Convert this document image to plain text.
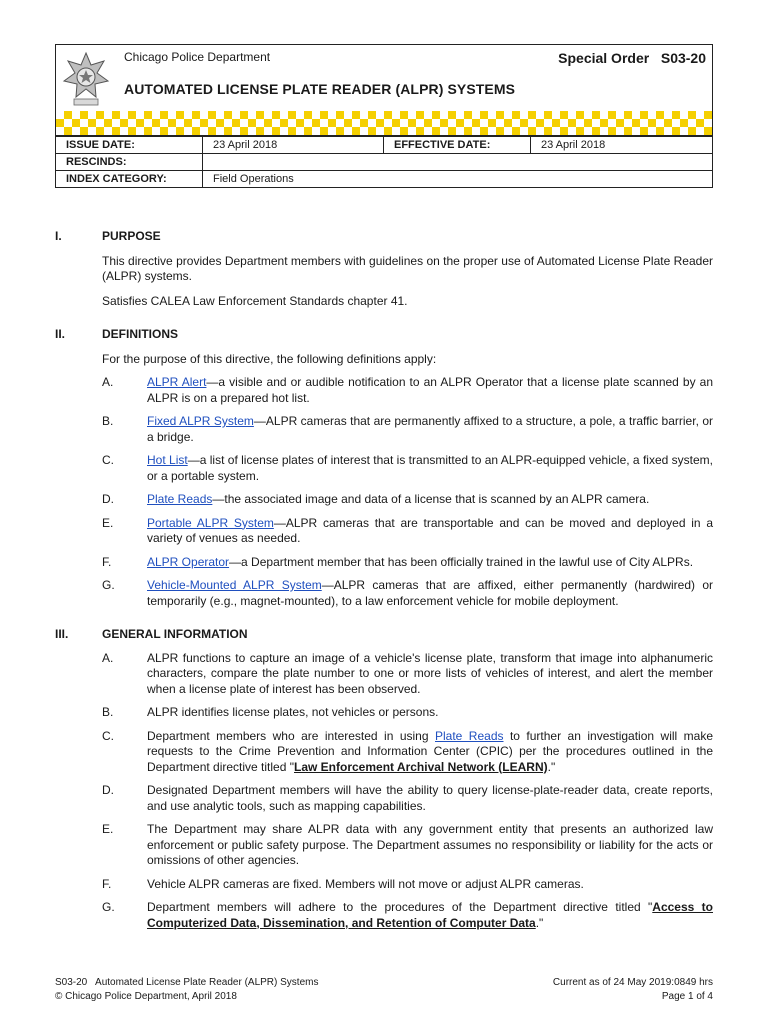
Chicago Police Department	Special Order   S03-20
AUTOMATED LICENSE PLATE READER (ALPR) SYSTEMS
ISSUE DATE:	23 April 2018	EFFECTIVE DATE:	23 April 2018
RESCINDS:			
INDEX CATEGORY:	Field Operations		
I.	PURPOSE
This directive provides Department members with guidelines on the proper use of Automated License Plate Reader (ALPR) systems.
Satisfies CALEA Law Enforcement Standards chapter 41.
II.	DEFINITIONS
For the purpose of this directive, the following definitions apply:
A.	ALPR Alert—a visible and or audible notification to an ALPR Operator that a license plate scanned by an ALPR is on a prepared hot list.
B.	Fixed ALPR System—ALPR cameras that are permanently affixed to a structure, a pole, a traffic barrier, or a bridge.
C.	Hot List—a list of license plates of interest that is transmitted to an ALPR-equipped vehicle, a fixed system, or a portable system.
D.	Plate Reads—the associated image and data of a license that is scanned by an ALPR camera.
E.	Portable ALPR System—ALPR cameras that are transportable and can be moved and deployed in a variety of venues as needed.
F.	ALPR Operator—a Department member that has been officially trained in the lawful use of City ALPRs.
G.	Vehicle-Mounted ALPR System—ALPR cameras that are affixed, either permanently (hardwired) or temporarily (e.g., magnet-mounted), to a law enforcement vehicle for mobile deployment.
III.	GENERAL INFORMATION
A.	ALPR functions to capture an image of a vehicle's license plate, transform that image into alphanumeric characters, compare the plate number to one or more lists of vehicles of interest, and alert the member when a license plate of interest has been observed.
B.	ALPR identifies license plates, not vehicles or persons.
C.	Department members who are interested in using Plate Reads to further an investigation will make requests to the Crime Prevention and Information Center (CPIC) per the procedures outlined in the Department directive titled "Law Enforcement Archival Network (LEARN)."
D.	Designated Department members will have the ability to query license-plate-reader data, create reports, and use analytic tools, such as mapping capabilities.
E.	The Department may share ALPR data with any government entity that presents an authorized law enforcement or public safety purpose. The Department assumes no responsibility or liability for the acts or omissions of other agencies.
F.	Vehicle ALPR cameras are fixed. Members will not move or adjust ALPR cameras.
G.	Department members will adhere to the procedures of the Department directive titled "Access to Computerized Data, Dissemination, and Retention of Computer Data."
S03-20   Automated License Plate Reader (ALPR) Systems
© Chicago Police Department, April 2018
Current as of 24 May 2019:0849 hrs
Page 1 of 4
